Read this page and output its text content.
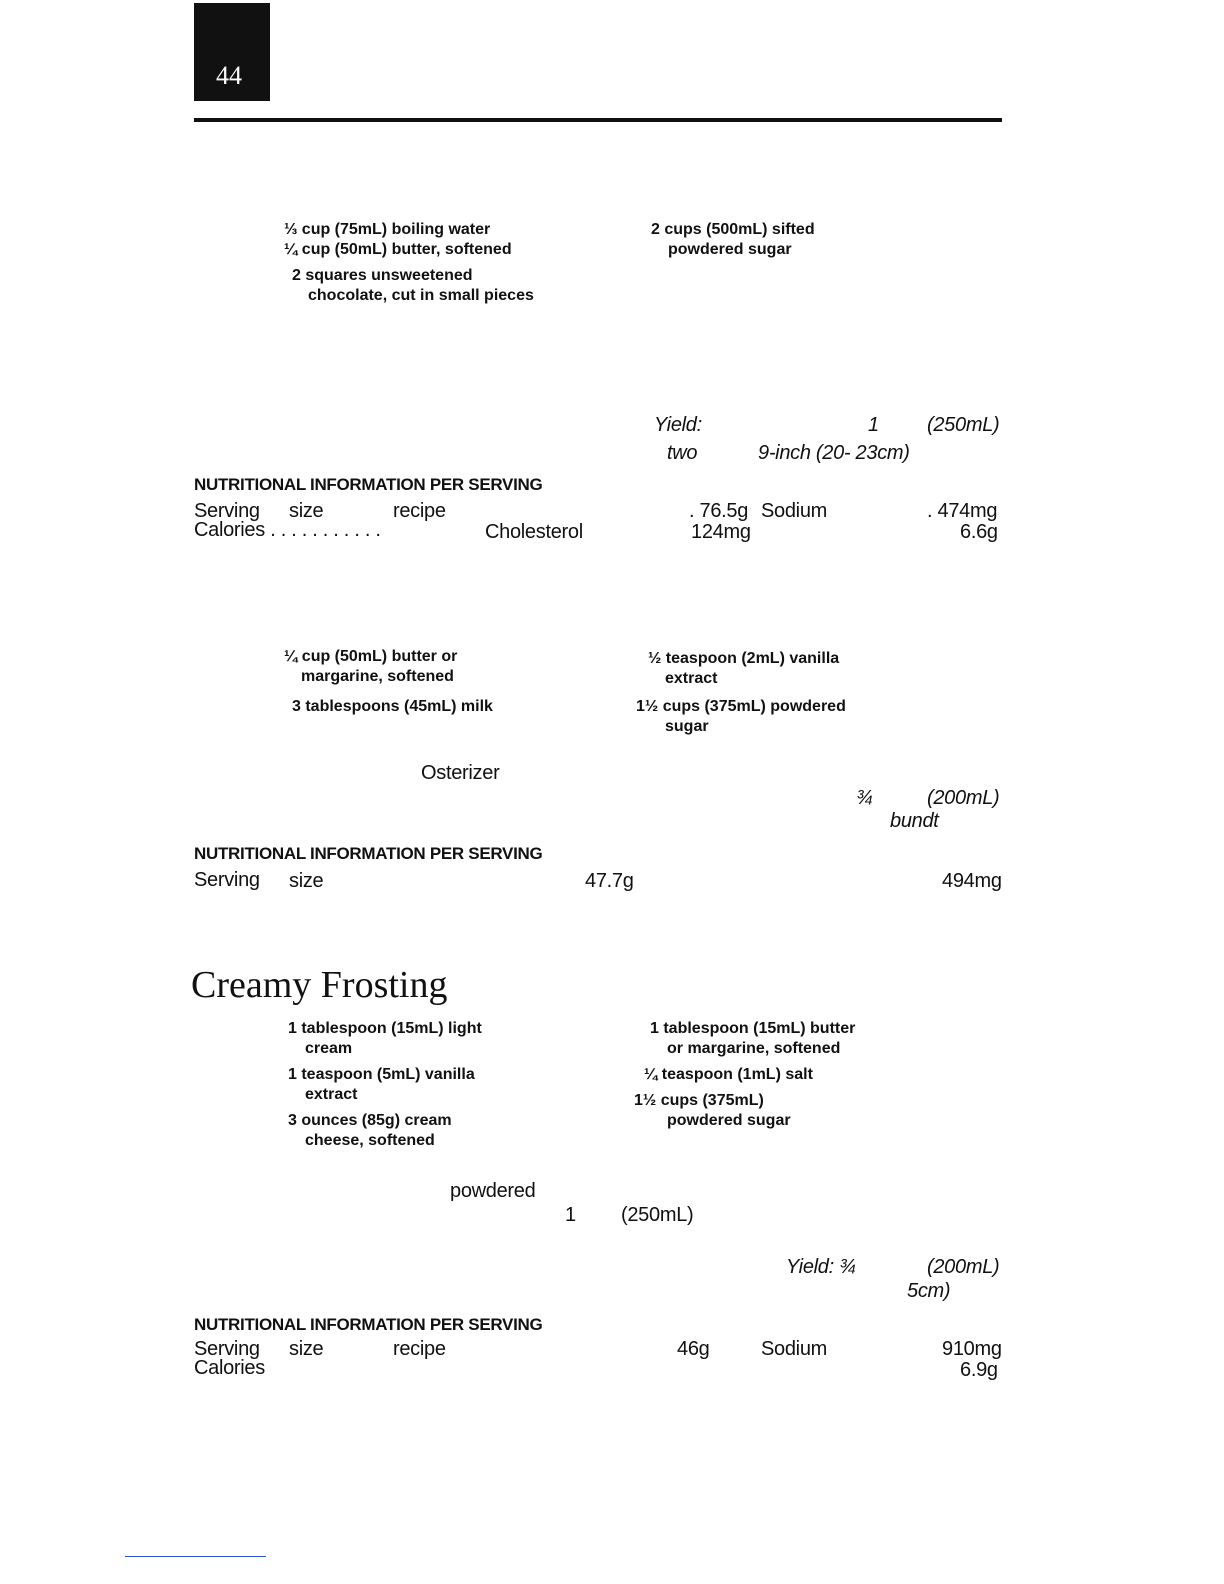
44
⅓ cup (75mL) boiling water
¼ cup (50mL) butter, softened
2 squares unsweetened
chocolate, cut in small pieces
2 cups (500mL) sifted
powdered sugar
Yield:	1 (250mL)
two	9-inch (20- 23cm)
NUTRITIONAL INFORMATION PER SERVING
Serving size	recipe	. 76.5g Sodium	. 474mg
Calories . . . . . . . . . . .	Cholesterol	124mg	6.6g
¼ cup (50mL) butter or
margarine, softened
3 tablespoons (45mL) milk
½ teaspoon (2mL) vanilla
extract
1½ cups (375mL) powdered
sugar
Osterizer
¾	(200mL)
bundt
NUTRITIONAL INFORMATION PER SERVING
Serving size	47.7g	494mg
Creamy Frosting
1 tablespoon (15mL) light
cream
1 teaspoon (5mL) vanilla
extract
3 ounces (85g) cream
cheese, softened
1 tablespoon (15mL) butter
or margarine, softened
¼ teaspoon (1mL) salt
1½ cups (375mL)
powdered sugar
powdered
1 (250mL)
Yield: ¾	(200mL)
5cm)
NUTRITIONAL INFORMATION PER SERVING
Serving size	recipe	46g	Sodium	910mg
Calories	6.9g
